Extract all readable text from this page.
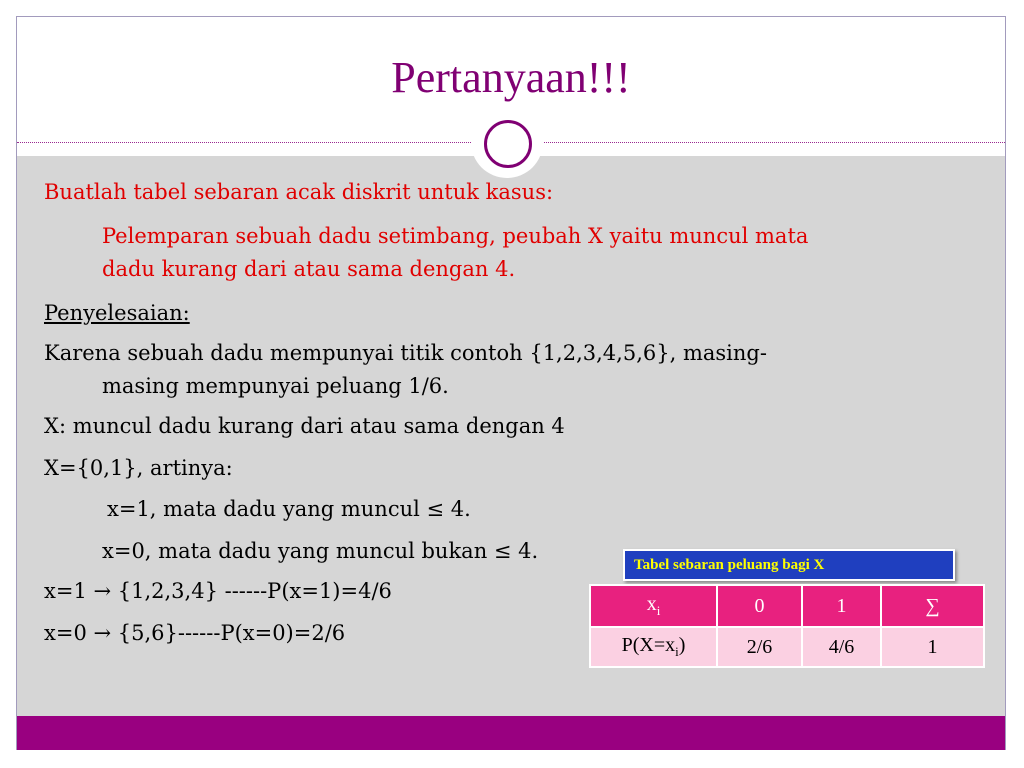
Pertanyaan!!!
Buatlah tabel sebaran acak diskrit untuk kasus:
Pelemparan sebuah dadu setimbang, peubah X yaitu muncul mata
dadu kurang dari atau sama dengan 4.
Penyelesaian:
Karena sebuah dadu mempunyai titik contoh {1,2,3,4,5,6}, masing-
masing mempunyai peluang 1/6.
X: muncul dadu kurang dari atau sama dengan 4
X={0,1}, artinya:
x=1, mata dadu yang muncul ≤ 4.
x=0, mata dadu yang muncul bukan ≤ 4.
x=1 → {1,2,3,4} ------P(x=1)=4/6
x=0 → {5,6}------P(x=0)=2/6
Tabel sebaran peluang bagi X
$x_i$	0	1	∑
$P(X=x_i)$	2/6	4/6	1
